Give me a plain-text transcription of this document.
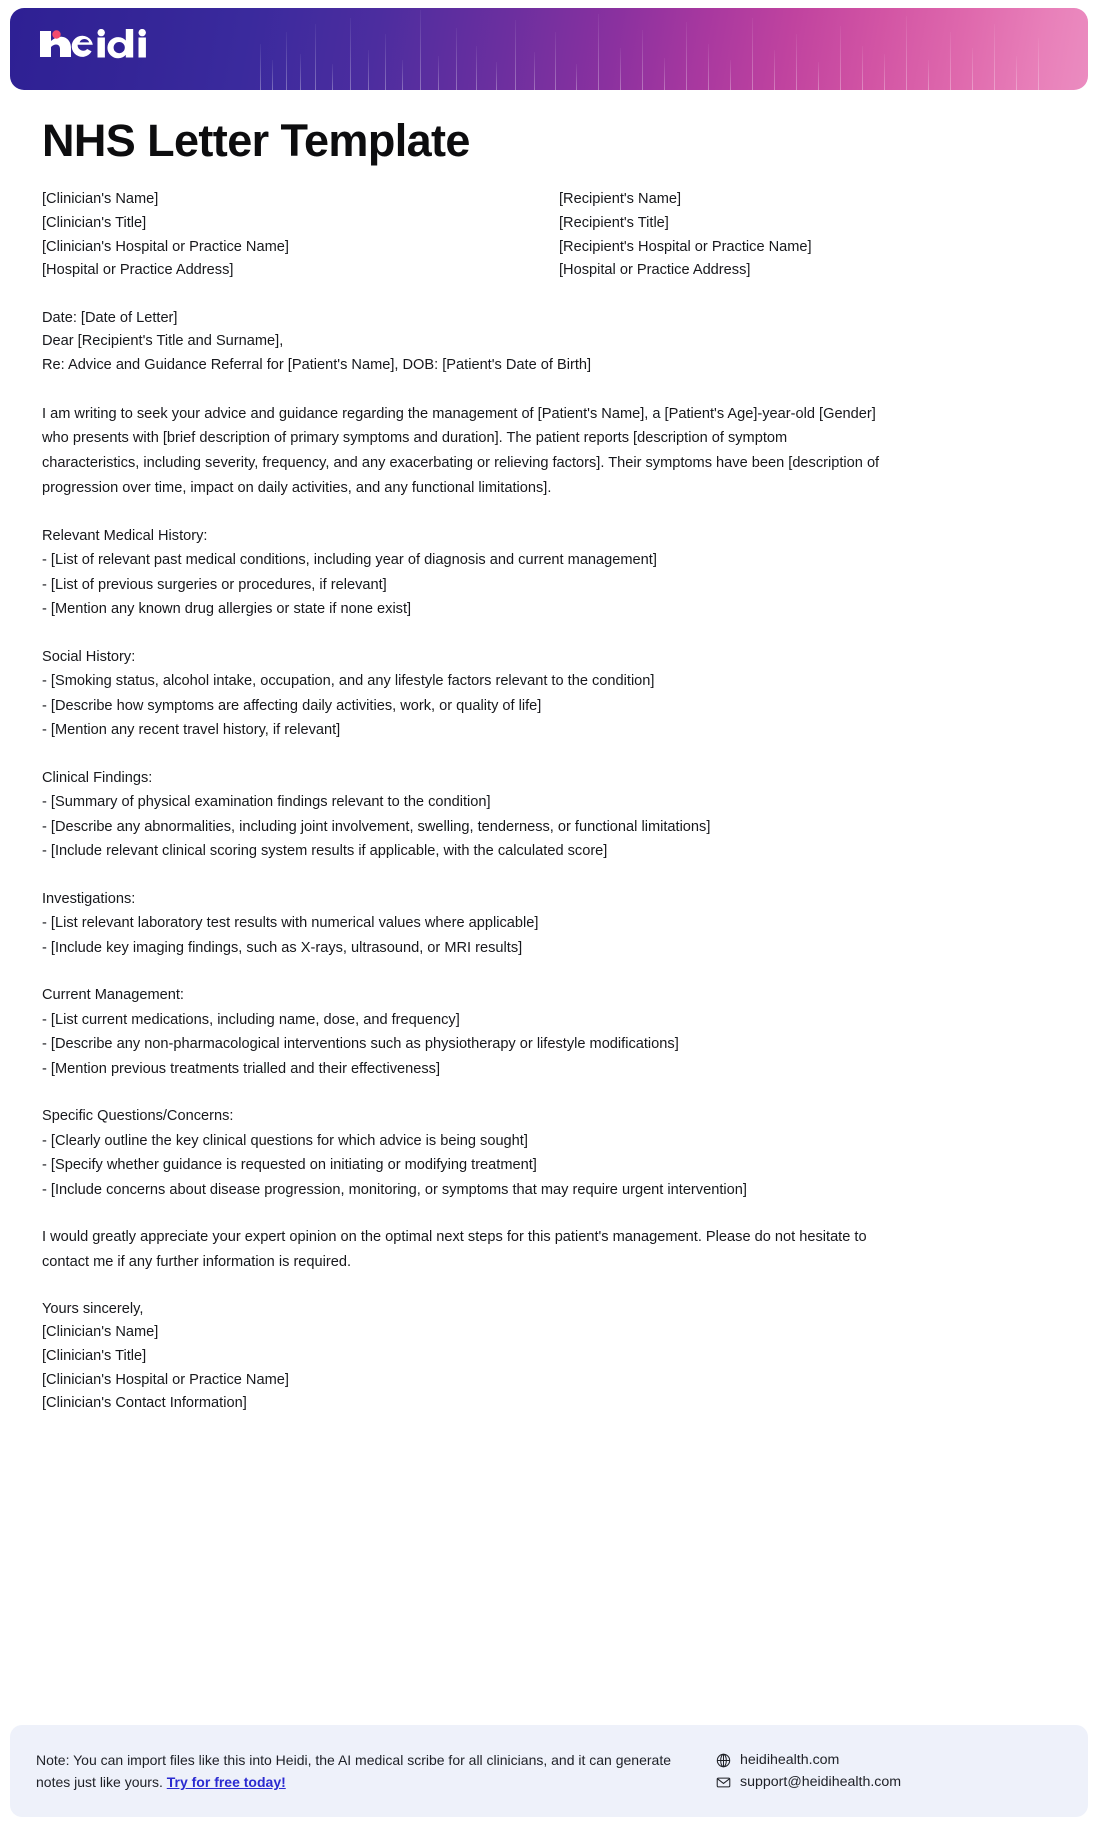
NHS Letter Template
[Clinician's Name]
[Clinician's Title]
[Clinician's Hospital or Practice Name]
[Hospital or Practice Address]
[Recipient's Name]
[Recipient's Title]
[Recipient's Hospital or Practice Name]
[Hospital or Practice Address]
Date: [Date of Letter]
Dear [Recipient's Title and Surname],
Re: Advice and Guidance Referral for [Patient's Name], DOB: [Patient's Date of Birth]

I am writing to seek your advice and guidance regarding the management of [Patient's Name], a [Patient's Age]-year-old [Gender] who presents with [brief description of primary symptoms and duration]. The patient reports [description of symptom characteristics, including severity, frequency, and any exacerbating or relieving factors]. Their symptoms have been [description of progression over time, impact on daily activities, and any functional limitations].

Relevant Medical History:
- [List of relevant past medical conditions, including year of diagnosis and current management]
- [List of previous surgeries or procedures, if relevant]
- [Mention any known drug allergies or state if none exist]
Social History:
- [Smoking status, alcohol intake, occupation, and any lifestyle factors relevant to the condition]
- [Describe how symptoms are affecting daily activities, work, or quality of life]
- [Mention any recent travel history, if relevant]
Clinical Findings:
- [Summary of physical examination findings relevant to the condition]
- [Describe any abnormalities, including joint involvement, swelling, tenderness, or functional limitations]
- [Include relevant clinical scoring system results if applicable, with the calculated score]
Investigations:
- [List relevant laboratory test results with numerical values where applicable]
- [Include key imaging findings, such as X-rays, ultrasound, or MRI results]
Current Management:
- [List current medications, including name, dose, and frequency]
- [Describe any non-pharmacological interventions such as physiotherapy or lifestyle modifications]
- [Mention previous treatments trialled and their effectiveness]
Specific Questions/Concerns:
- [Clearly outline the key clinical questions for which advice is being sought]
- [Specify whether guidance is requested on initiating or modifying treatment]
- [Include concerns about disease progression, monitoring, or symptoms that may require urgent intervention]

I would greatly appreciate your expert opinion on the optimal next steps for this patient's management. Please do not hesitate to contact me if any further information is required.

Yours sincerely,
[Clinician's Name]
[Clinician's Title]
[Clinician's Hospital or Practice Name]
[Clinician's Contact Information]
Note: You can import files like this into Heidi, the AI medical scribe for all clinicians, and it can generate notes just like yours. Try for free today!
heidihealth.com
support@heidihealth.com
